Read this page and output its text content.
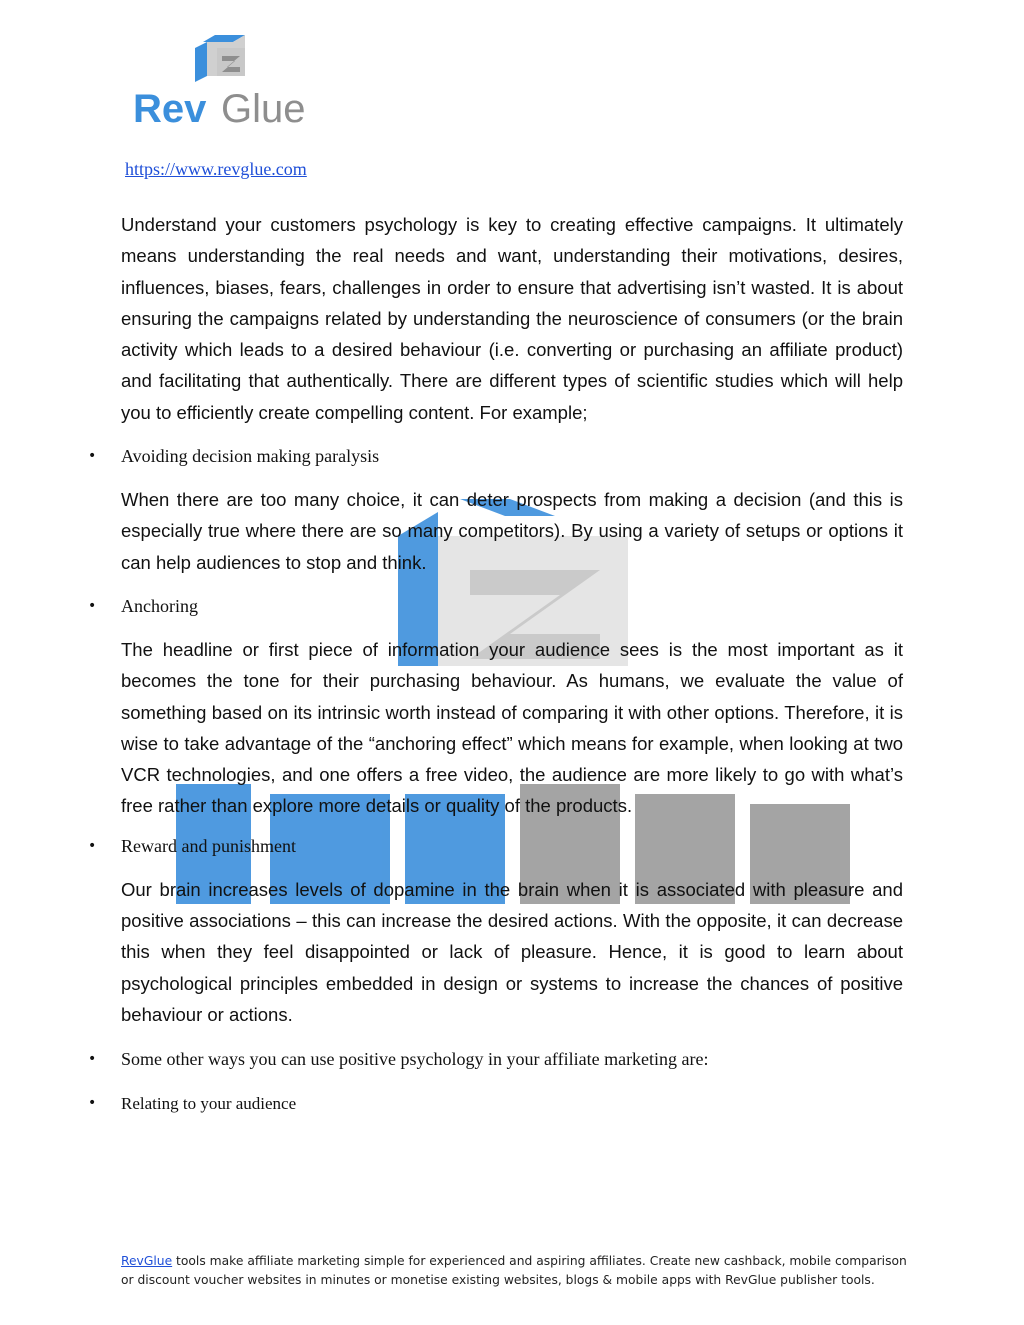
Rev Glue
https://www.revglue.com

Understand your customers psychology is key to creating effective campaigns. It ultimately means understanding the real needs and want, understanding their motivations, desires, influences, biases, fears, challenges in order to ensure that advertising isn’t wasted. It is about ensuring the campaigns related by understanding the neuroscience of consumers (or the brain activity which leads to a desired behaviour (i.e. converting or purchasing an affiliate product) and facilitating that authentically. There are different types of scientific studies which will help you to efficiently create compelling content. For example;

• Avoiding decision making paralysis

When there are too many choice, it can deter prospects from making a decision (and this is especially true where there are so many competitors). By using a variety of setups or options it can help audiences to stop and think.

• Anchoring

The headline or first piece of information your audience sees is the most important as it becomes the tone for their purchasing behaviour. As humans, we evaluate the value of something based on its intrinsic worth instead of comparing it with other options. Therefore, it is wise to take advantage of the “anchoring effect” which means for example, when looking at two VCR technologies, and one offers a free video, the audience are more likely to go with what’s free rather than explore more details or quality of the products.

• Reward and punishment

Our brain increases levels of dopamine in the brain when it is associated with pleasure and positive associations – this can increase the desired actions. With the opposite, it can decrease this when they feel disappointed or lack of pleasure. Hence, it is good to learn about psychological principles embedded in design or systems to increase the chances of positive behaviour or actions.

• Some other ways you can use positive psychology in your affiliate marketing are:
• Relating to your audience
RevGlue tools make affiliate marketing simple for experienced and aspiring affiliates. Create new cashback, mobile comparison or discount voucher websites in minutes or monetise existing websites, blogs & mobile apps with RevGlue publisher tools.
